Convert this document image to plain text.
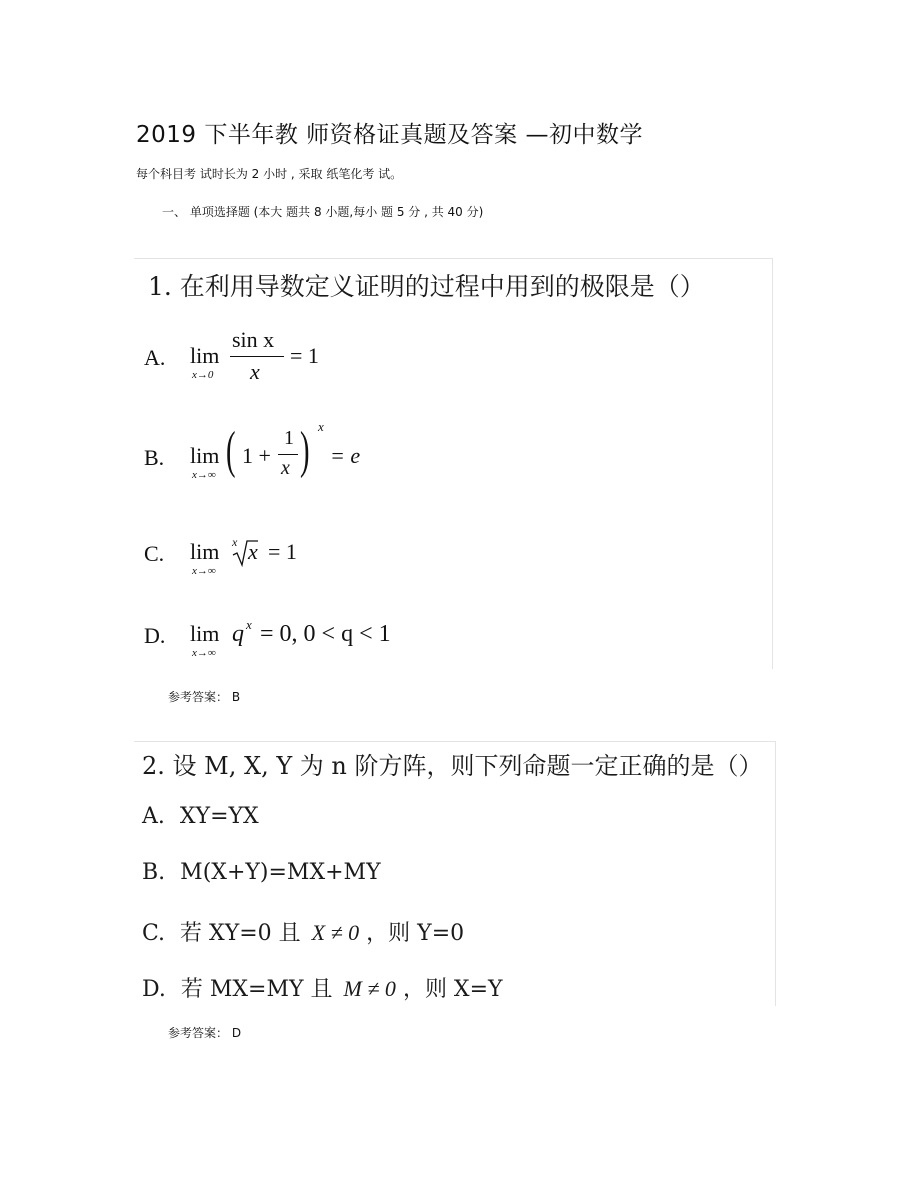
2019 下半年教 师资格证真题及答案 —初中数学
每个科目考 试时长为 2 小时 , 采取 纸笔化考 试。
一、 单项选择题 (本大 题共 8 小题,每小 题 5 分 , 共 40 分)
1. 在利用导数定义证明的过程中用到的极限是（）
A. lim
x→0
sin x
x
= 1
B. lim
x→∞ ( 1 +
1
x ) x
= e
C. lim
x→∞
x x = 1
D. lim
x→∞
q x = 0, 0 < q < 1
参考答案： B
2. 设 M, X, Y 为 n 阶方阵，则下列命题一定正确的是（）
A. XY=YX
B. M(X+Y)=MX+MY
C. 若 XY=0 且 X ≠ 0 ，则 Y=0
D. 若 MX=MY 且 M ≠ 0 ，则 X=Y
参考答案： D
